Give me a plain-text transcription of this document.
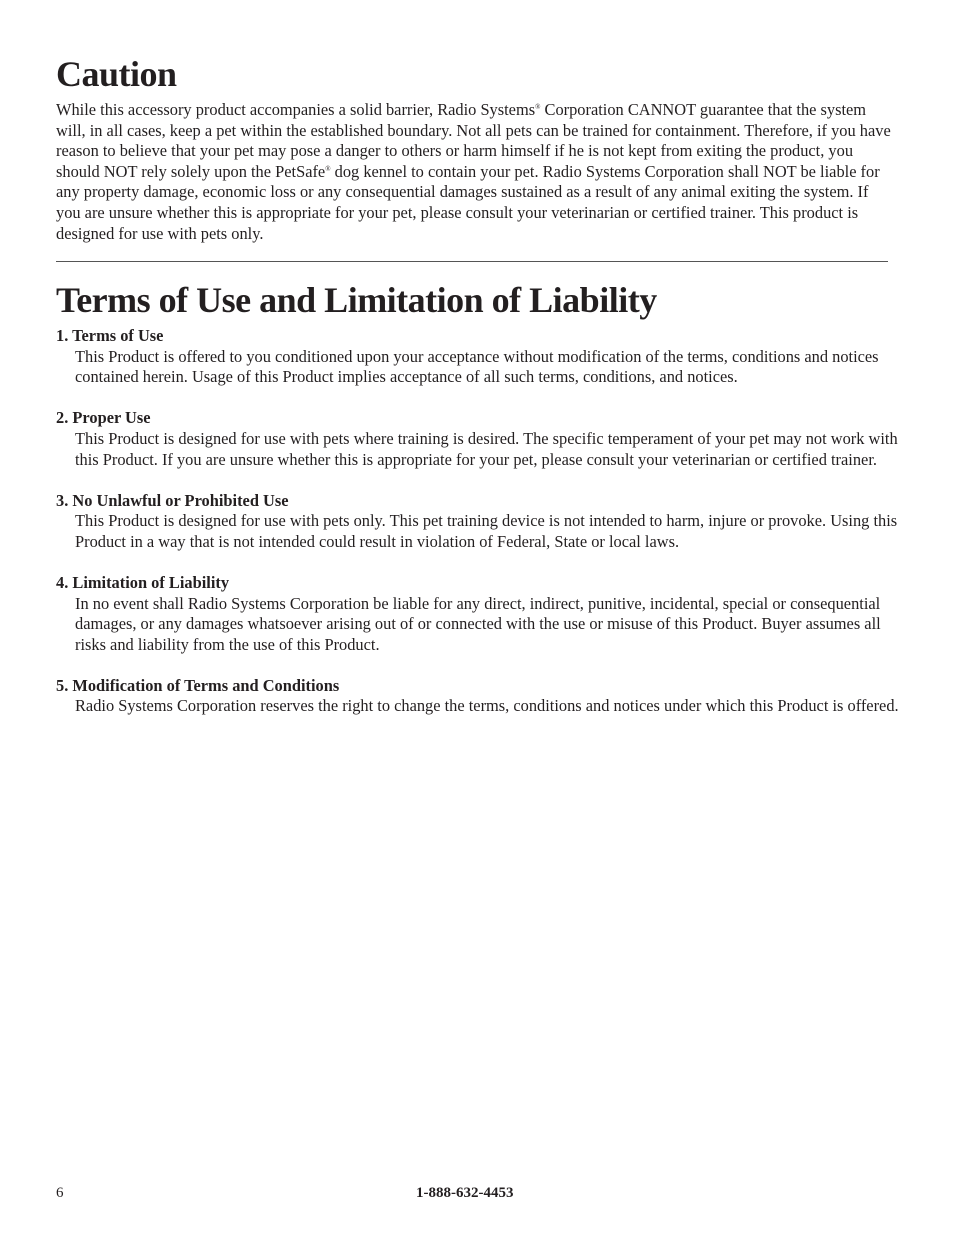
Caution

While this accessory product accompanies a solid barrier, Radio Systems® Corporation CANNOT guarantee that the system will, in all cases, keep a pet within the established boundary. Not all pets can be trained for containment. Therefore, if you have reason to believe that your pet may pose a danger to others or harm himself if he is not kept from exiting the product, you should NOT rely solely upon the PetSafe® dog kennel to contain your pet. Radio Systems Corporation shall NOT be liable for any property damage, economic loss or any consequential damages sustained as a result of any animal exiting the system. If you are unsure whether this is appropriate for your pet, please consult your veterinarian or certified trainer. This product is designed for use with pets only.

Terms of Use and Limitation of Liability
1. Terms of Use
This Product is offered to you conditioned upon your acceptance without modification of the terms, conditions and notices contained herein. Usage of this Product implies acceptance of all such terms, conditions, and notices.
2. Proper Use
This Product is designed for use with pets where training is desired. The specific temperament of your pet may not work with this Product. If you are unsure whether this is appropriate for your pet, please consult your veterinarian or certified trainer.
3. No Unlawful or Prohibited Use
This Product is designed for use with pets only. This pet training device is not intended to harm, injure or provoke. Using this Product in a way that is not intended could result in violation of Federal, State or local laws.
4. Limitation of Liability
In no event shall Radio Systems Corporation be liable for any direct, indirect, punitive, incidental, special or consequential damages, or any damages whatsoever arising out of or connected with the use or misuse of this Product. Buyer assumes all risks and liability from the use of this Product.
5. Modification of Terms and Conditions
Radio Systems Corporation reserves the right to change the terms, conditions and notices under which this Product is offered.
6	1-888-632-4453
